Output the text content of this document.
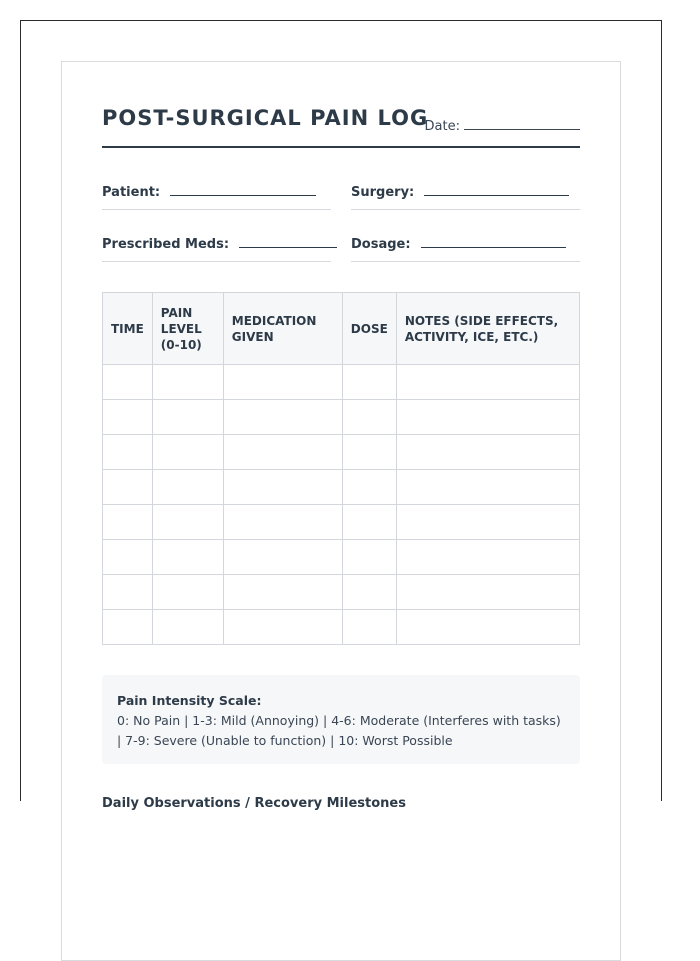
POST-SURGICAL PAIN LOG
Date:
Patient:	Surgery:
Prescribed Meds:	Dosage:
TIME	PAIN LEVEL (0-10)	MEDICATION GIVEN	DOSE	NOTES (SIDE EFFECTS, ACTIVITY, ICE, ETC.)

Pain Intensity Scale:
0: No Pain | 1-3: Mild (Annoying) | 4-6: Moderate (Interferes with tasks) | 7-9: Severe (Unable to function) | 10: Worst Possible
Daily Observations / Recovery Milestones
